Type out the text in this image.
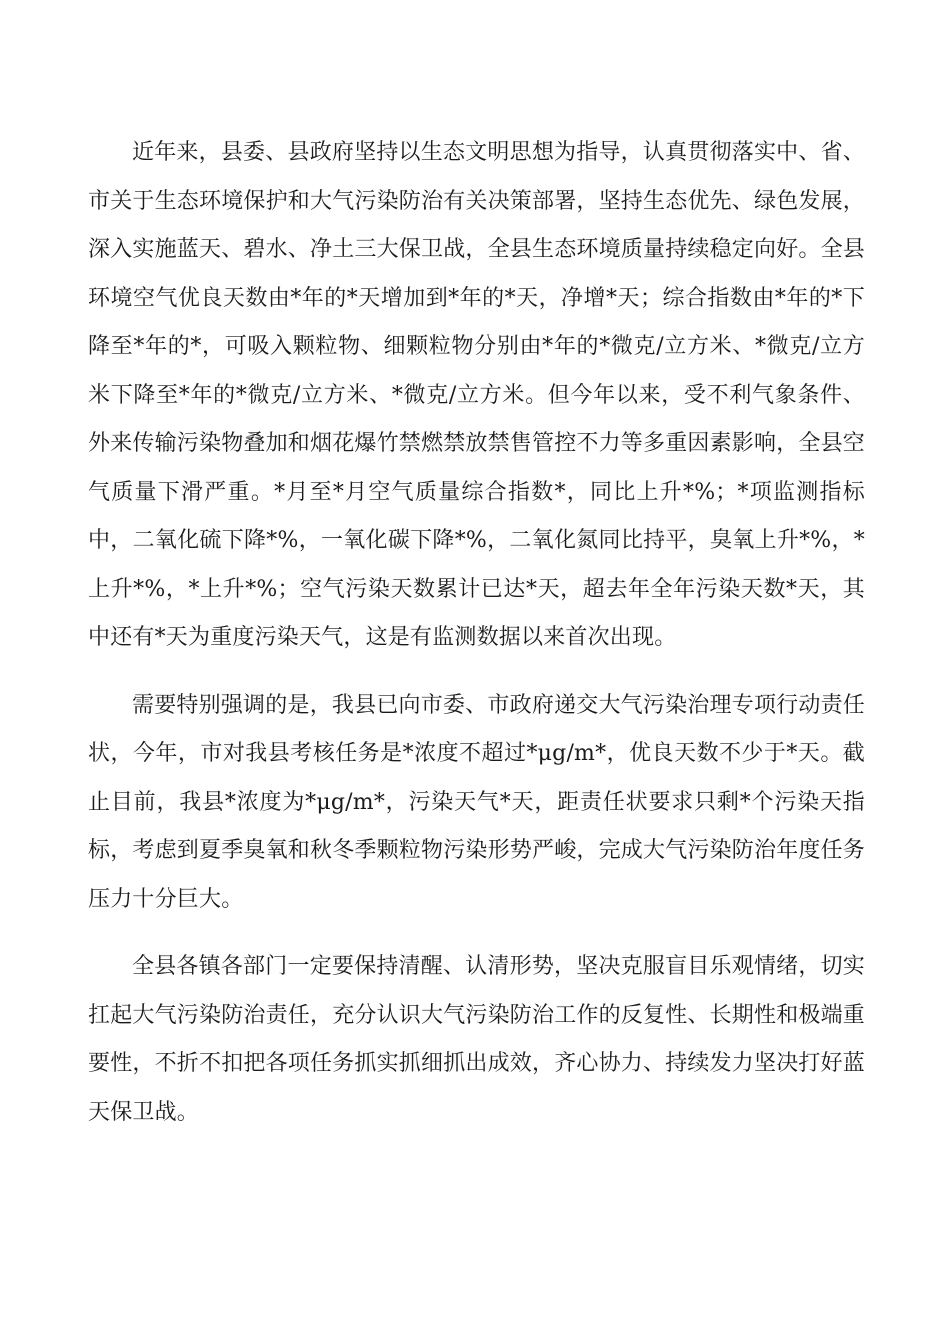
近年来，县委、县政府坚持以生态文明思想为指导，认真贯彻落实中、省、市关于生态环境保护和大气污染防治有关决策部署，坚持生态优先、绿色发展，深入实施蓝天、碧水、净土三大保卫战，全县生态环境质量持续稳定向好。全县环境空气优良天数由*年的*天增加到*年的*天，净增*天；综合指数由*年的*下降至*年的*，可吸入颗粒物、细颗粒物分别由*年的*微克/立方米、*微克/立方米下降至*年的*微克/立方米、*微克/立方米。但今年以来，受不利气象条件、外来传输污染物叠加和烟花爆竹禁燃禁放禁售管控不力等多重因素影响，全县空气质量下滑严重。*月至*月空气质量综合指数*，同比上升*%；*项监测指标中，二氧化硫下降*%，一氧化碳下降*%，二氧化氮同比持平，臭氧上升*%，*上升*%，*上升*%；空气污染天数累计已达*天，超去年全年污染天数*天，其中还有*天为重度污染天气，这是有监测数据以来首次出现。

需要特别强调的是，我县已向市委、市政府递交大气污染治理专项行动责任状，今年，市对我县考核任务是*浓度不超过*μg/m*，优良天数不少于*天。截止目前，我县*浓度为*μg/m*，污染天气*天，距责任状要求只剩*个污染天指标，考虑到夏季臭氧和秋冬季颗粒物污染形势严峻，完成大气污染防治年度任务压力十分巨大。

全县各镇各部门一定要保持清醒、认清形势，坚决克服盲目乐观情绪，切实扛起大气污染防治责任，充分认识大气污染防治工作的反复性、长期性和极端重要性，不折不扣把各项任务抓实抓细抓出成效，齐心协力、持续发力坚决打好蓝天保卫战。
